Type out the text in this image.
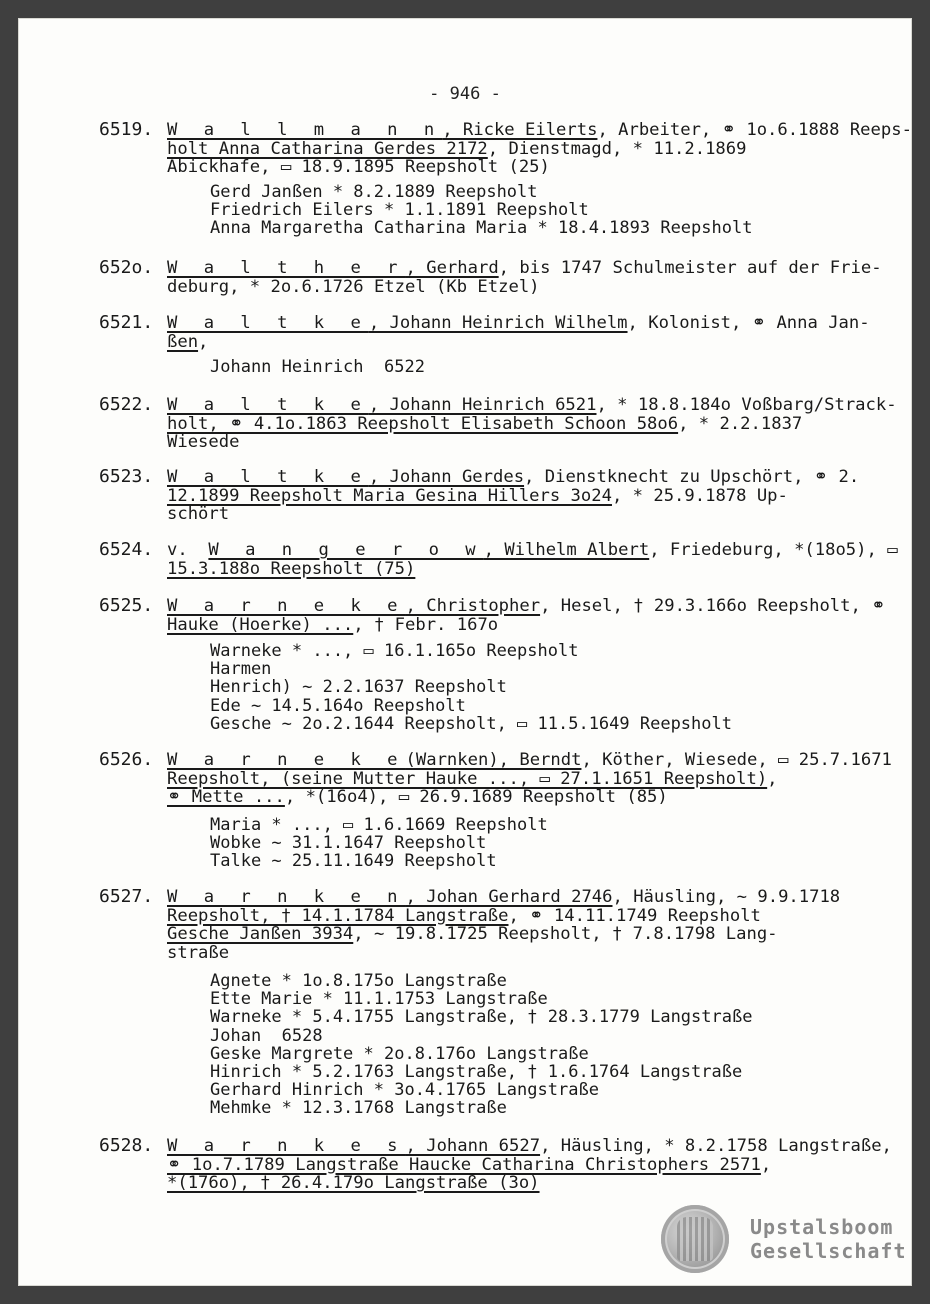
- 946 -
6519. W a l l m a n n, Ricke Eilerts, Arbeiter, ⚭ 1o.6.1888 Reeps-
holt Anna Catharina Gerdes 2172, Dienstmagd, * 11.2.1869
Abickhafe, ▭ 18.9.1895 Reepsholt (25)
Gerd Janßen * 8.2.1889 Reepsholt
Friedrich Eilers * 1.1.1891 Reepsholt
Anna Margaretha Catharina Maria * 18.4.1893 Reepsholt
652o. W a l t h e r, Gerhard, bis 1747 Schulmeister auf der Frie-
deburg, * 2o.6.1726 Etzel (Kb Etzel)
6521. W a l t k e, Johann Heinrich Wilhelm, Kolonist, ⚭ Anna Jan-
ßen,
Johann Heinrich  6522
6522. W a l t k e, Johann Heinrich 6521, * 18.8.184o Voßbarg/Strack-
holt, ⚭ 4.1o.1863 Reepsholt Elisabeth Schoon 58o6, * 2.2.1837
Wiesede
6523. W a l t k e, Johann Gerdes, Dienstknecht zu Upschört, ⚭ 2.
12.1899 Reepsholt Maria Gesina Hillers 3o24, * 25.9.1878 Up-
schört
6524. v.  W a n g e r o w, Wilhelm Albert, Friedeburg, *(18o5), ▭
15.3.188o Reepsholt (75)
6525. W a r n e k e, Christopher, Hesel, † 29.3.166o Reepsholt, ⚭
Hauke (Hoerke) ..., † Febr. 167o
Warneke * ..., ▭ 16.1.165o Reepsholt
Harmen
Henrich) ~ 2.2.1637 Reepsholt
Ede ~ 14.5.164o Reepsholt
Gesche ~ 2o.2.1644 Reepsholt, ▭ 11.5.1649 Reepsholt
6526. W a r n e k e(Warnken), Berndt, Köther, Wiesede, ▭ 25.7.1671
Reepsholt, (seine Mutter Hauke ..., ▭ 27.1.1651 Reepsholt),
⚭ Mette ..., *(16o4), ▭ 26.9.1689 Reepsholt (85)
Maria * ..., ▭ 1.6.1669 Reepsholt
Wobke ~ 31.1.1647 Reepsholt
Talke ~ 25.11.1649 Reepsholt
6527. W a r n k e n, Johan Gerhard 2746, Häusling, ~ 9.9.1718
Reepsholt, † 14.1.1784 Langstraße, ⚭ 14.11.1749 Reepsholt
Gesche Janßen 3934, ~ 19.8.1725 Reepsholt, † 7.8.1798 Lang-
straße
Agnete * 1o.8.175o Langstraße
Ette Marie * 11.1.1753 Langstraße
Warneke * 5.4.1755 Langstraße, † 28.3.1779 Langstraße
Johan  6528
Geske Margrete * 2o.8.176o Langstraße
Hinrich * 5.2.1763 Langstraße, † 1.6.1764 Langstraße
Gerhard Hinrich * 3o.4.1765 Langstraße
Mehmke * 12.3.1768 Langstraße
6528. W a r n k e s, Johann 6527, Häusling, * 8.2.1758 Langstraße,
⚭ 1o.7.1789 Langstraße Haucke Catharina Christophers 2571,
*(176o), † 26.4.179o Langstraße (3o)
Upstalsboom
Gesellschaft
